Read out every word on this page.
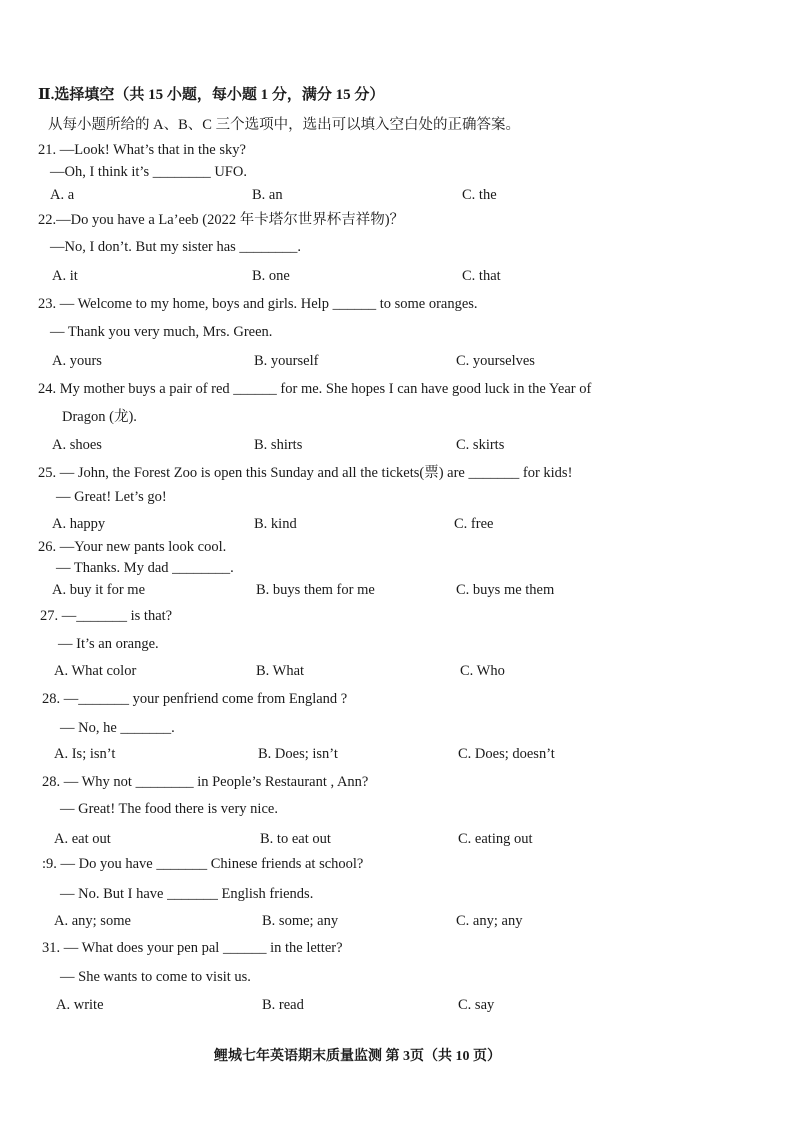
Ⅱ.选择填空（共 15 小题，每小题 1 分，满分 15 分）
从每小题所给的 A、B、C 三个选项中，选出可以填入空白处的正确答案。
21. —Look! What’s that in the sky?
—Oh, I think it’s ________ UFO.
A. a	B. an	C. the
22.—Do you have a La’eeb (2022 年卡塔尔世界杯吉祥物)？
—No, I don’t. But my sister has ________.
A. it	B. one	C. that
23. — Welcome to my home, boys and girls. Help ______ to some oranges.
— Thank you very much, Mrs. Green.
A. yours	B. yourself	C. yourselves
24. My mother buys a pair of red ______ for me. She hopes I can have good luck in the Year of
Dragon (龙).
A. shoes	B. shirts	C. skirts
25. — John, the Forest Zoo is open this Sunday and all the tickets(票) are _______ for kids!
— Great! Let’s go!
A. happy	B. kind	C. free
26. —Your new pants look cool.
— Thanks. My dad ________.
A. buy it for me	B. buys them for me	C. buys me them
27. —_______ is that?
— It’s an orange.
A. What color	B. What	C. Who
28. —_______ your penfriend come from England ?
— No, he _______.
A. Is; isn’t	B. Does; isn’t	C. Does; doesn’t
28. — Why not ________ in People’s Restaurant , Ann?
— Great! The food there is very nice.
A. eat out	B. to eat out	C. eating out
:9. — Do you have _______ Chinese friends at school?
— No. But I have _______ English friends.
A. any; some	B. some; any	C. any; any
31. — What does your pen pal ______ in the letter?
— She wants to come to visit us.
A. write	B. read	C. say
鲤城七年英语期末质量监测 第 3页（共 10 页）
